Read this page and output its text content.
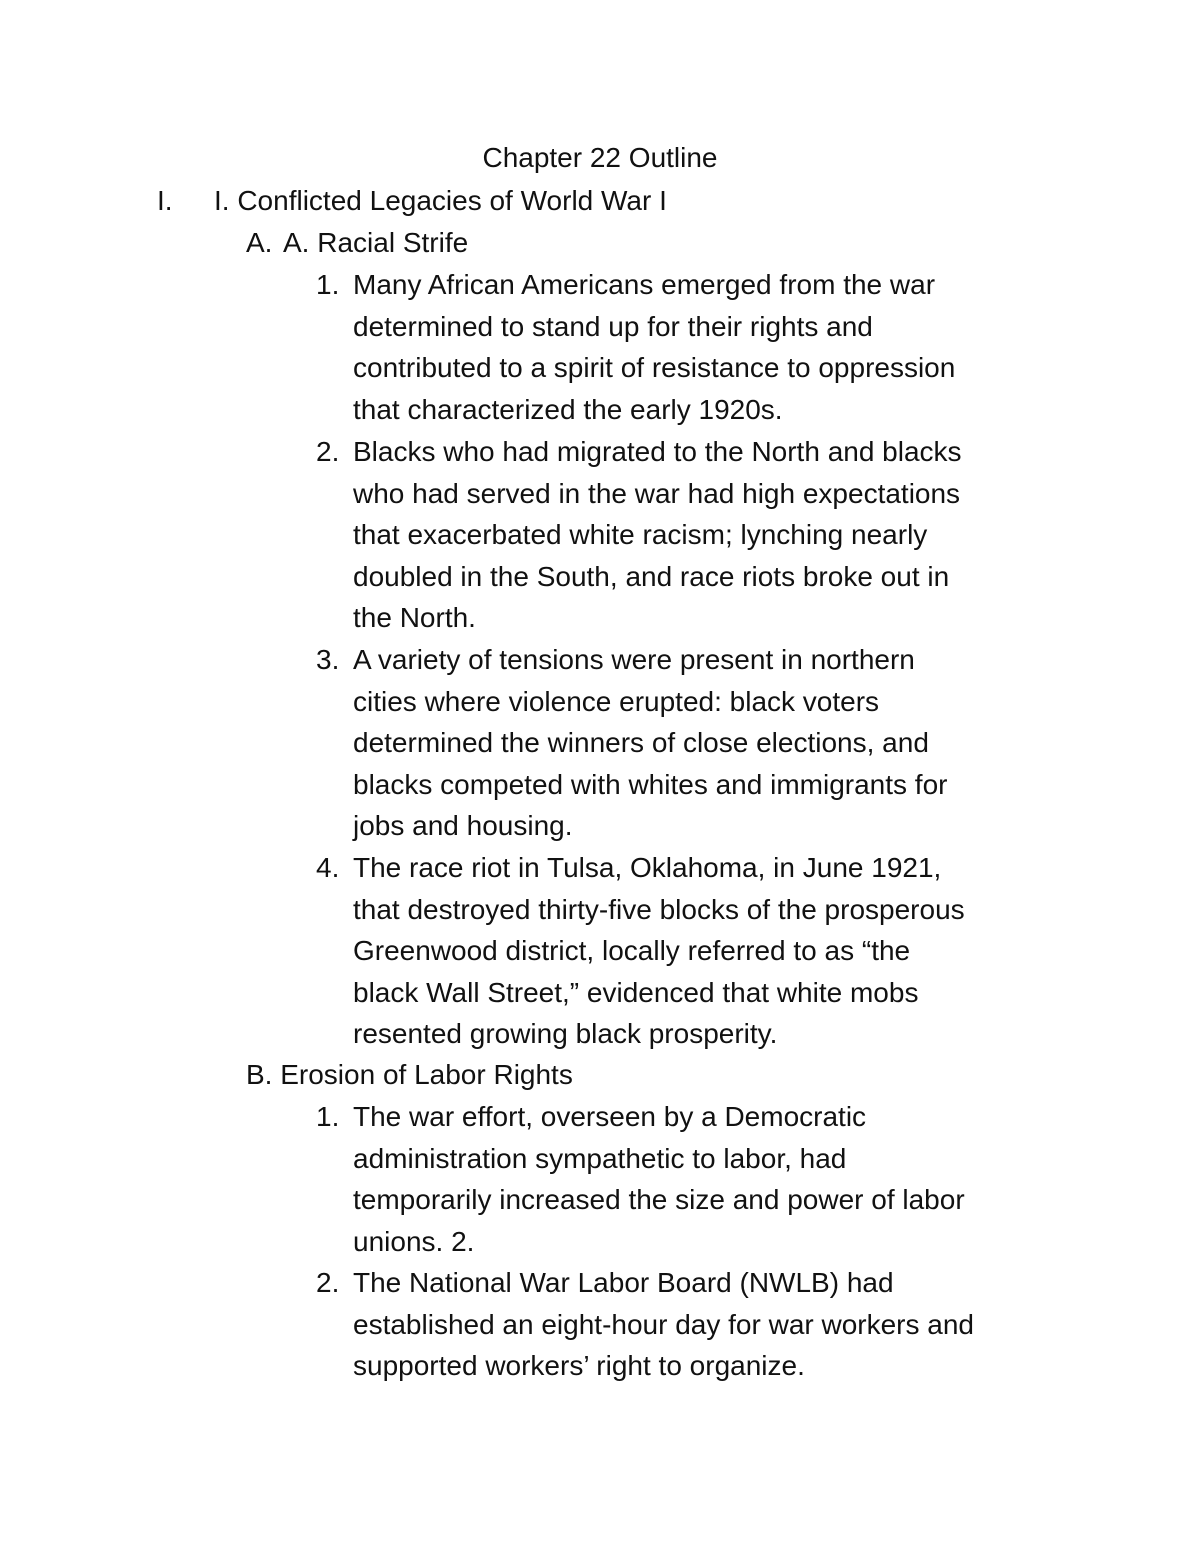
Chapter 22 Outline
I. I. Conflicted Legacies of World War I
A. A. Racial Strife
1. Many African Americans emerged from the war
determined to stand up for their rights and
contributed to a spirit of resistance to oppression
that characterized the early 1920s.
2. Blacks who had migrated to the North and blacks
who had served in the war had high expectations
that exacerbated white racism; lynching nearly
doubled in the South, and race riots broke out in
the North.
3. A variety of tensions were present in northern
cities where violence erupted: black voters
determined the winners of close elections, and
blacks competed with whites and immigrants for
jobs and housing.
4. The race riot in Tulsa, Oklahoma, in June 1921,
that destroyed thirty-five blocks of the prosperous
Greenwood district, locally referred to as “the
black Wall Street,” evidenced that white mobs
resented growing black prosperity.
B. Erosion of Labor Rights
1. The war effort, overseen by a Democratic
administration sympathetic to labor, had
temporarily increased the size and power of labor
unions. 2.
2. The National War Labor Board (NWLB) had
established an eight-hour day for war workers and
supported workers’ right to organize.
